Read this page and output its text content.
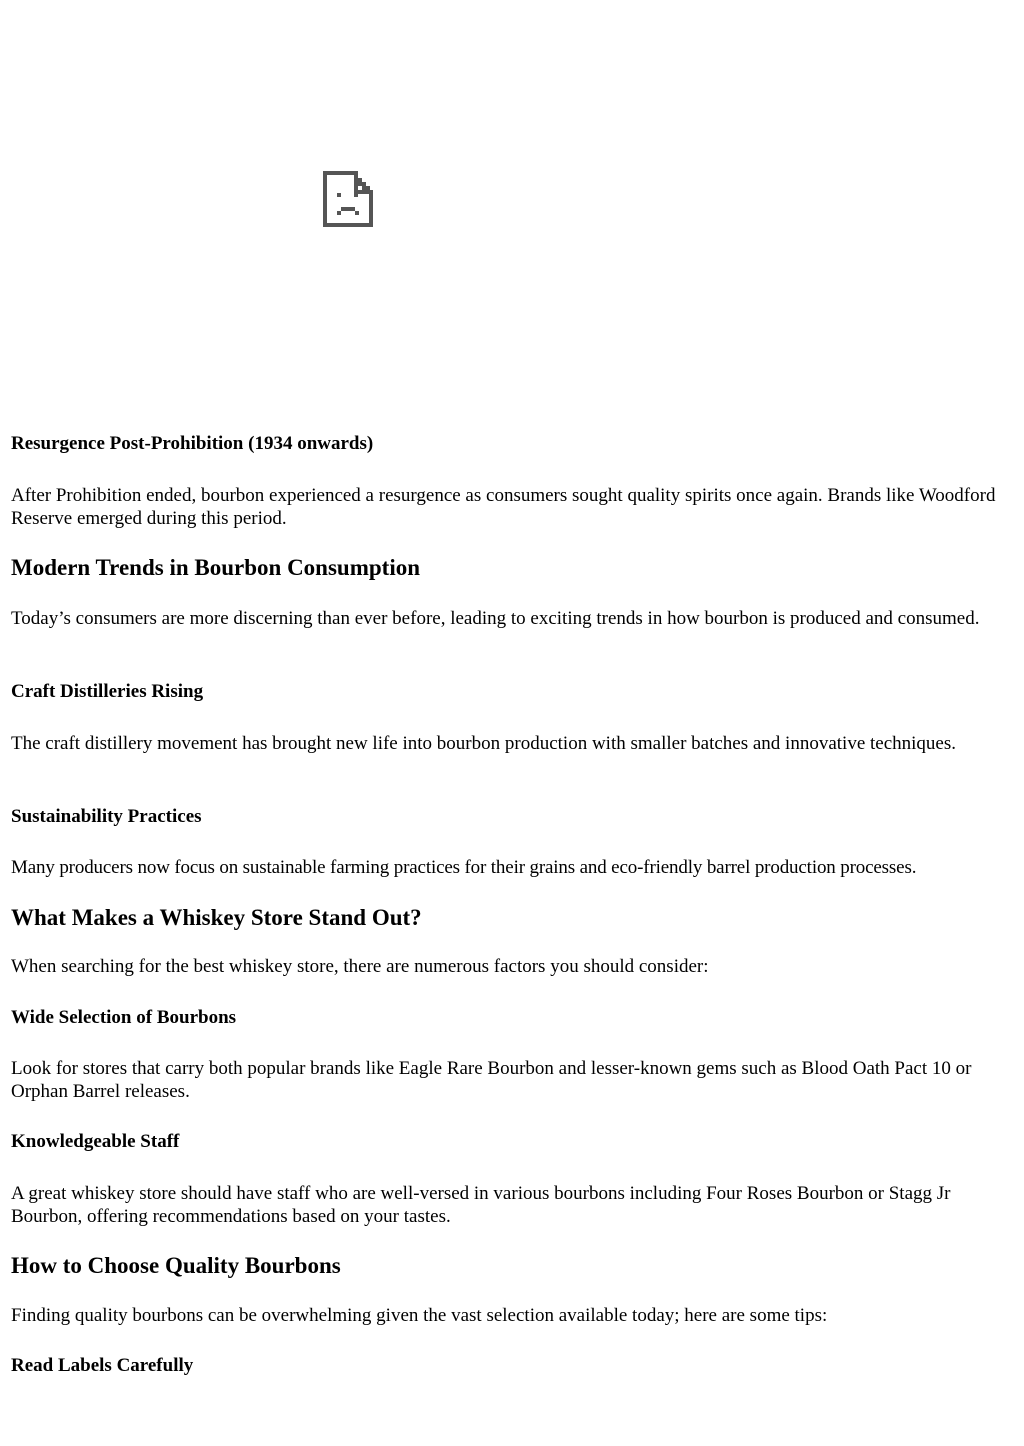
Resurgence Post-Prohibition (1934 onwards)
After Prohibition ended, bourbon experienced a resurgence as consumers sought quality spirits once again. Brands like Woodford Reserve emerged during this period.
Modern Trends in Bourbon Consumption
Today’s consumers are more discerning than ever before, leading to exciting trends in how bourbon is produced and consumed.
Craft Distilleries Rising
The craft distillery movement has brought new life into bourbon production with smaller batches and innovative techniques.
Sustainability Practices
Many producers now focus on sustainable farming practices for their grains and eco-friendly barrel production processes.
What Makes a Whiskey Store Stand Out?
When searching for the best whiskey store, there are numerous factors you should consider:
Wide Selection of Bourbons
Look for stores that carry both popular brands like Eagle Rare Bourbon and lesser-known gems such as Blood Oath Pact 10 or Orphan Barrel releases.
Knowledgeable Staff
A great whiskey store should have staff who are well-versed in various bourbons including Four Roses Bourbon or Stagg Jr Bourbon, offering recommendations based on your tastes.
How to Choose Quality Bourbons
Finding quality bourbons can be overwhelming given the vast selection available today; here are some tips:
Read Labels Carefully
